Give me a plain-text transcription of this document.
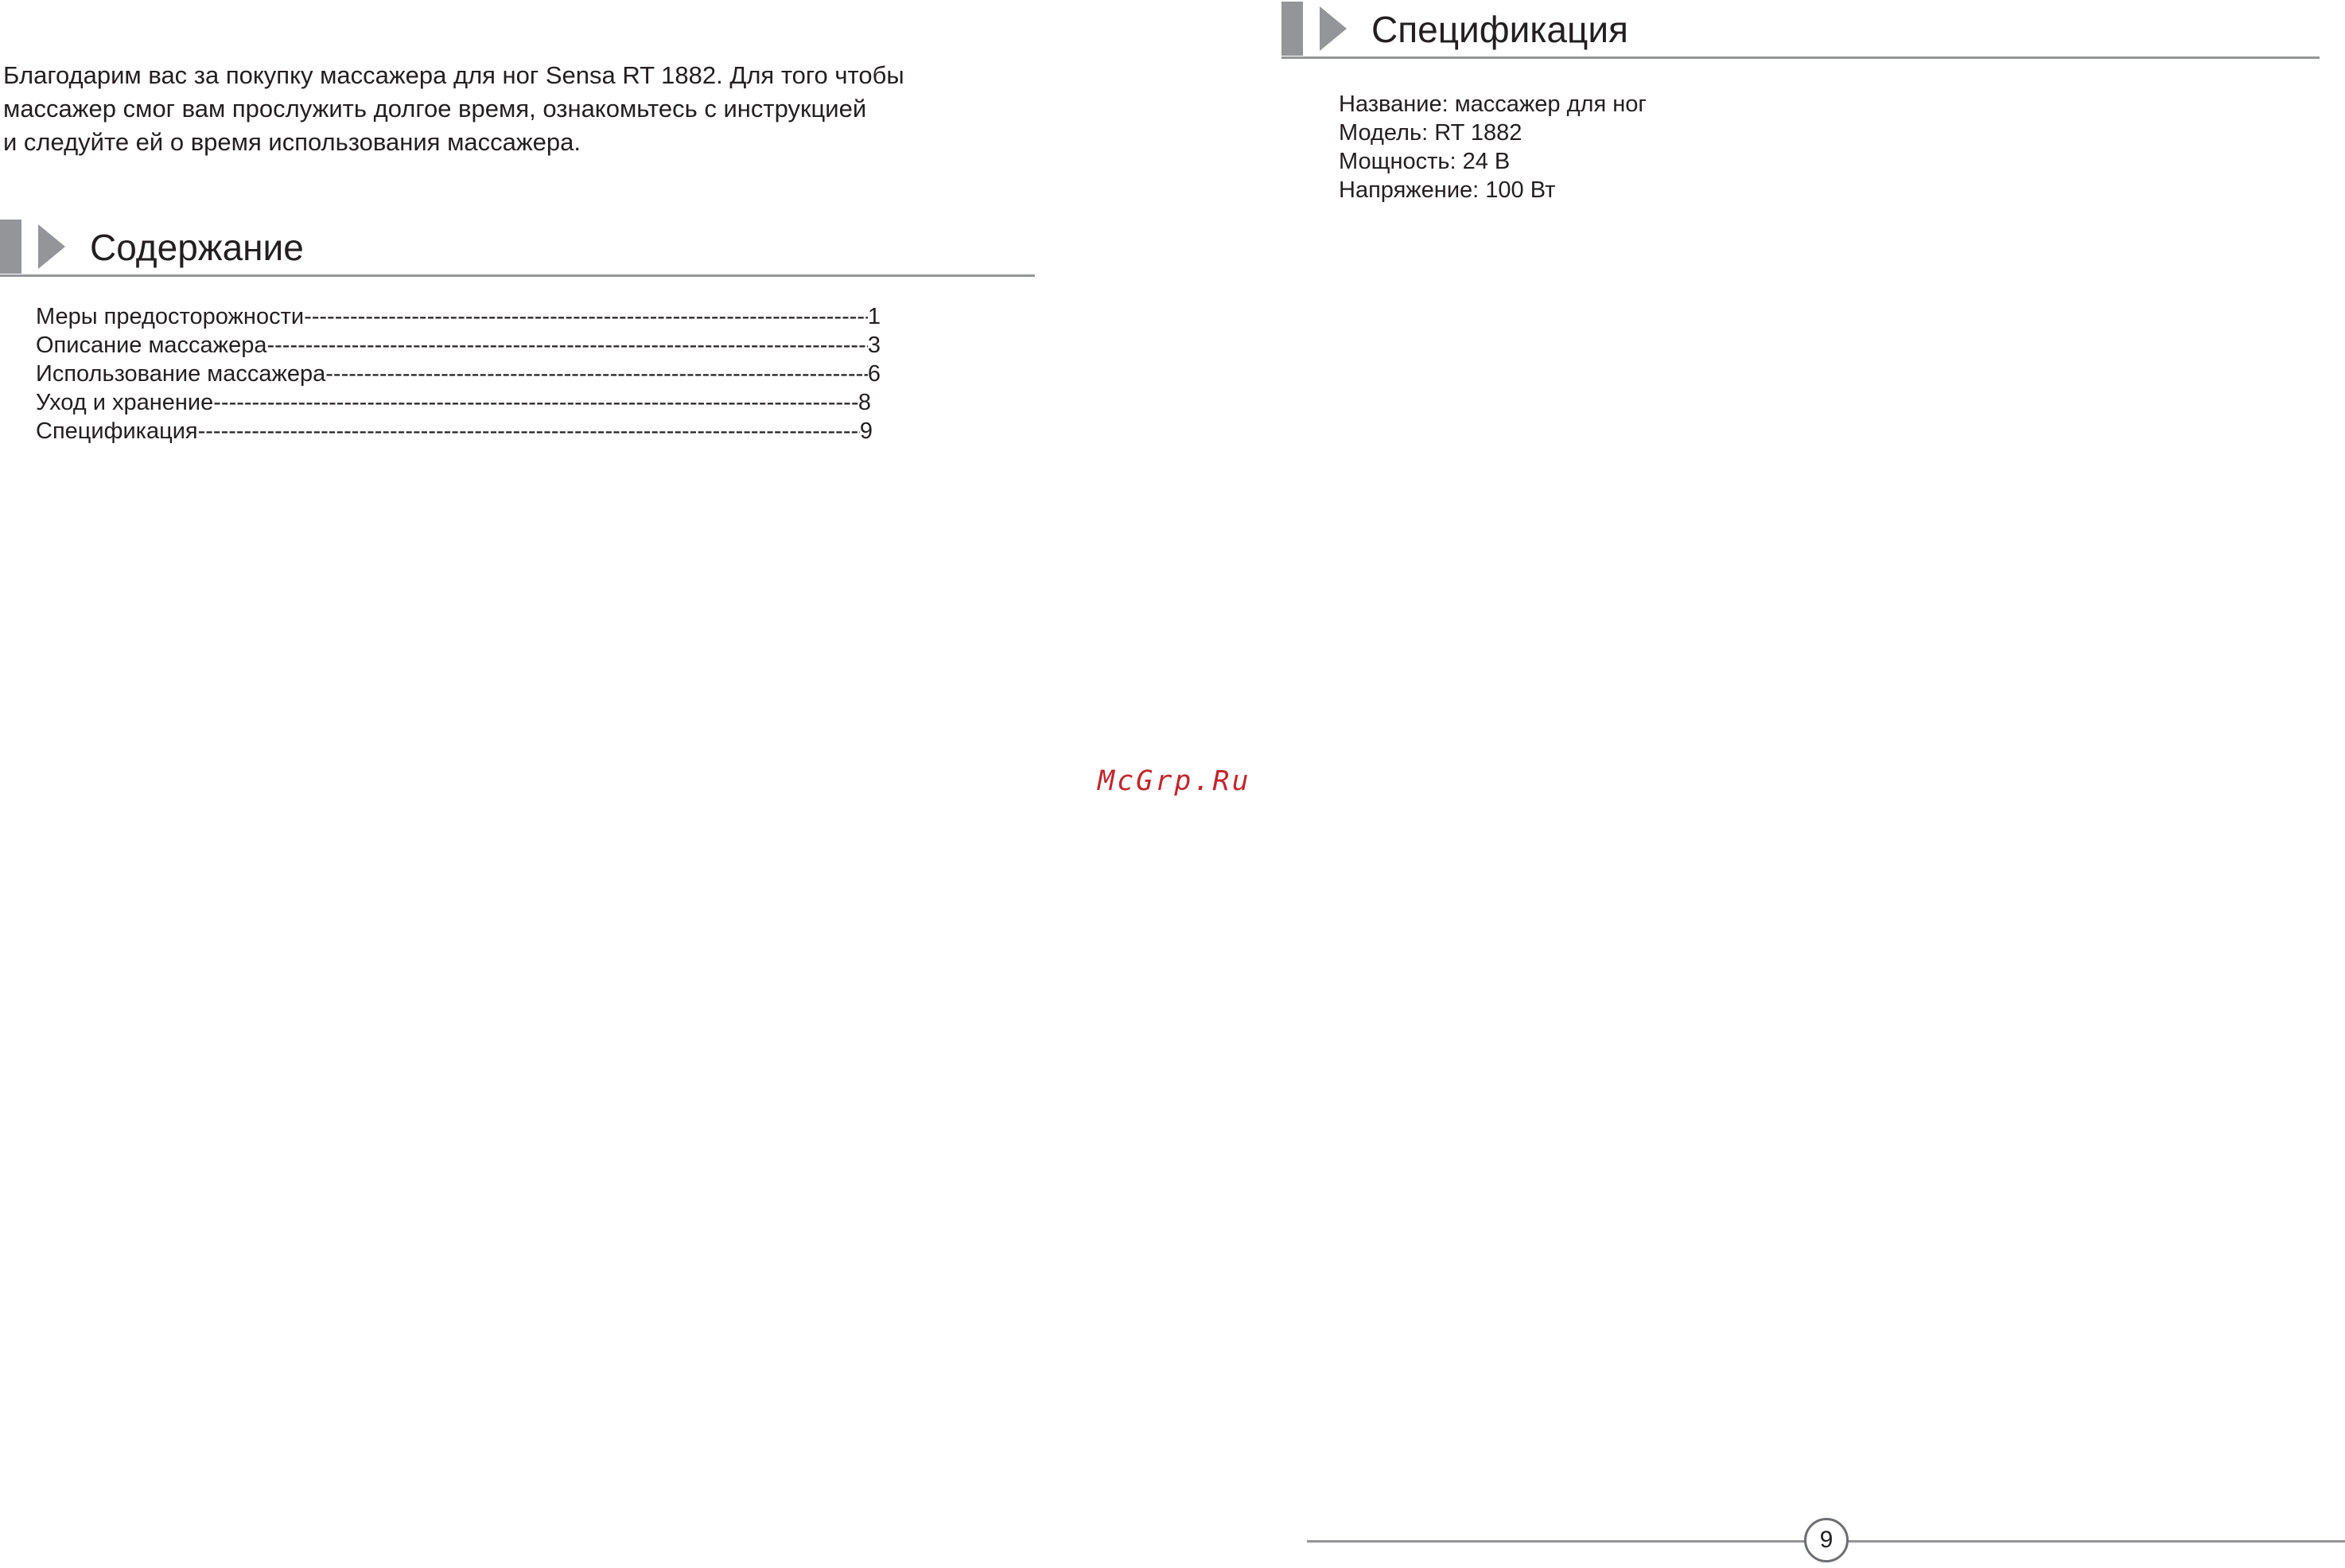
Благодарим вас за покупку массажера для ног Sensa RT 1882. Для того чтобы
массажер смог вам прослужить долгое время, ознакомьтесь с инструкцией
и следуйте ей о время использования массажера.
Содержание
Меры предосторожности -----	1
Описание массажера -----	3
Использование массажера -----	6
Уход и хранение -----	8
Спецификация -----	9
Спецификация
Название: массажер для ног
Модель: RT 1882
Мощность: 24 В
Напряжение: 100 Вт
McGrp.Ru
9
